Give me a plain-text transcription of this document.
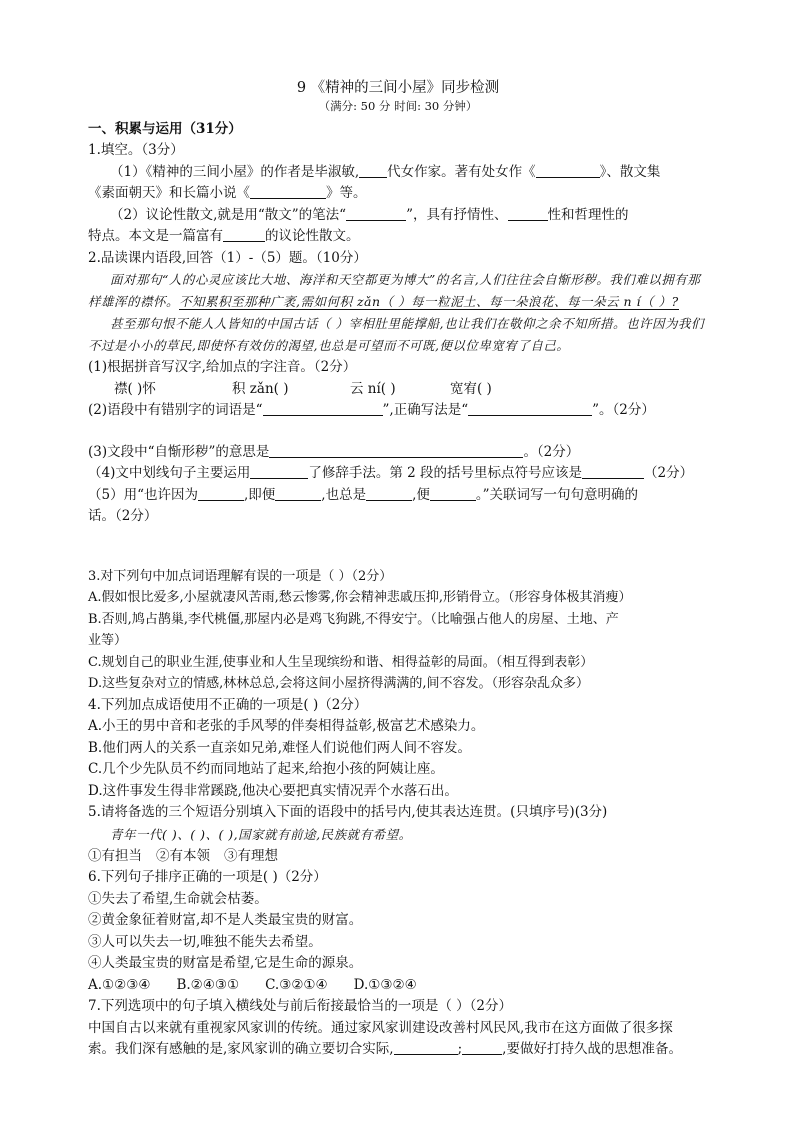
9 《精神的三间小屋》同步检测

（满分: 50 分 时间: 30 分钟）

一、积累与运用（31分）

1.填空。（3分）

（1）《精神的三间小屋》的作者是毕淑敏, 代女作家。著有处女作《	》、散文集

《素面朝天》和长篇小说《	》等。

（2）议论性散文,就是用“散文”的笔法“	”，具有抒情性、	性和哲理性的

特点。本文是一篇富有	的议论性散文。

2.品读课内语段,回答（1）-（5）题。（10分）

面对那句“人的心灵应该比大地、海洋和天空都更为博大”的名言,人们往往会自惭形秽。我们难以拥有那样雄浑的襟怀。不知累积至那种广袤,需如何积 zǎn（ ）每一粒泥土、每一朵浪花、每一朵云 n í（ ）?

甚至那句恨不能人人皆知的中国古话（ ）宰相肚里能撑船,也让我们在敬仰之余不知所措。也许因为我们不过是小小的草民,即使怀有效仿的渴望,也总是可望而不可既,便以位卑宽宥了自己。

(1)根据拼音写汉字,给加点的字注音。（2分）

襟( )怀	积 zǎn( )	云 ní( )	宽宥( )

(2)语段中有错别字的词语是“	”,正确写法是“	”。（2分）

(3)文段中“自惭形秽”的意思是	。（2分）

（4)文中划线句子主要运用	了修辞手法。第 2 段的括号里标点符号应该是	（2分）

（5）用“也许因为	,即便	,也总是	,便	。”关联词写一句句意明确的

话。（2分）

3.对下列句中加点词语理解有误的一项是（ ）（2分）

A.假如恨比爱多,小屋就凄风苦雨,愁云惨雾,你会精神悲戚压抑,形销骨立。（形容身体极其消瘦）

B.否则,鸠占鹊巢,李代桃僵,那屋内必是鸡飞狗跳,不得安宁。（比喻强占他人的房屋、土地、产

业等）

C.规划自己的职业生涯,使事业和人生呈现缤纷和谐、相得益彰的局面。（相互得到表彰）

D.这些复杂对立的情感,林林总总,会将这间小屋挤得满满的,间不容发。（形容杂乱众多）

4.下列加点成语使用不正确的一项是( )（2分）

A.小王的男中音和老张的手风琴的伴奏相得益彰,极富艺术感染力。

B.他们两人的关系一直亲如兄弟,难怪人们说他们两人间不容发。

C.几个少先队员不约而同地站了起来,给抱小孩的阿姨让座。

D.这件事发生得非常蹊跷,他决心要把真实情况弄个水落石出。

5.请将备选的三个短语分别填入下面的语段中的括号内,使其表达连贯。(只填序号)(3分)

青年一代( )、( )、( ),国家就有前途,民族就有希望。

①有担当 ②有本领 ③有理想

6.下列句子排序正确的一项是( )（2分）

①失去了希望,生命就会枯萎。

②黄金象征着财富,却不是人类最宝贵的财富。

③人可以失去一切,唯独不能失去希望。

④人类最宝贵的财富是希望,它是生命的源泉。

A.①②③④ B.②④③① C.③②①④ D.①③②④

7.下列选项中的句子填入横线处与前后衔接最恰当的一项是（ ）（2分）

中国自古以来就有重视家风家训的传统。通过家风家训建设改善村风民风,我市在这方面做了很多探

索。我们深有感触的是,家风家训的确立要切合实际,	;	,要做好打持久战的思想准备。
